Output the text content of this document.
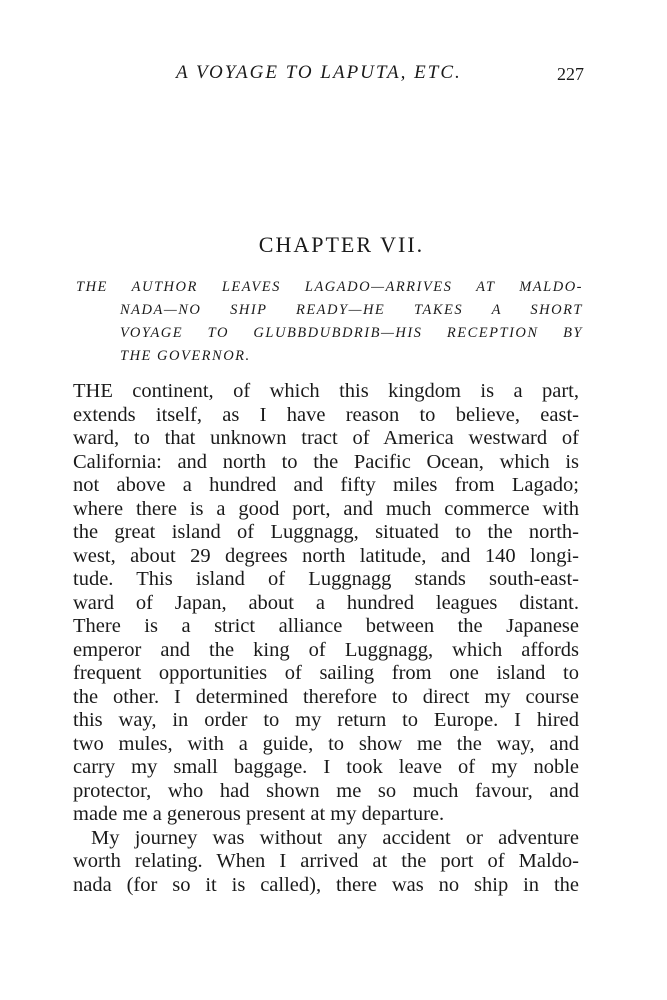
A VOYAGE TO LAPUTA, ETC.	227
CHAPTER VII.
THE AUTHOR LEAVES LAGADO—ARRIVES AT MALDO-
NADA—NO SHIP READY—HE TAKES A SHORT
VOYAGE TO GLUBBDUBDRIB—HIS RECEPTION BY
THE GOVERNOR.
THE continent, of which this kingdom is a part,
extends itself, as I have reason to believe, east-
ward, to that unknown tract of America westward of
California: and north to the Pacific Ocean, which is
not above a hundred and fifty miles from Lagado;
where there is a good port, and much commerce with
the great island of Luggnagg, situated to the north-
west, about 29 degrees north latitude, and 140 longi-
tude. This island of Luggnagg stands south-east-
ward of Japan, about a hundred leagues distant.
There is a strict alliance between the Japanese
emperor and the king of Luggnagg, which affords
frequent opportunities of sailing from one island to
the other. I determined therefore to direct my course
this way, in order to my return to Europe. I hired
two mules, with a guide, to show me the way, and
carry my small baggage. I took leave of my noble
protector, who had shown me so much favour, and
made me a generous present at my departure.
My journey was without any accident or adventure
worth relating. When I arrived at the port of Maldo-
nada (for so it is called), there was no ship in the
